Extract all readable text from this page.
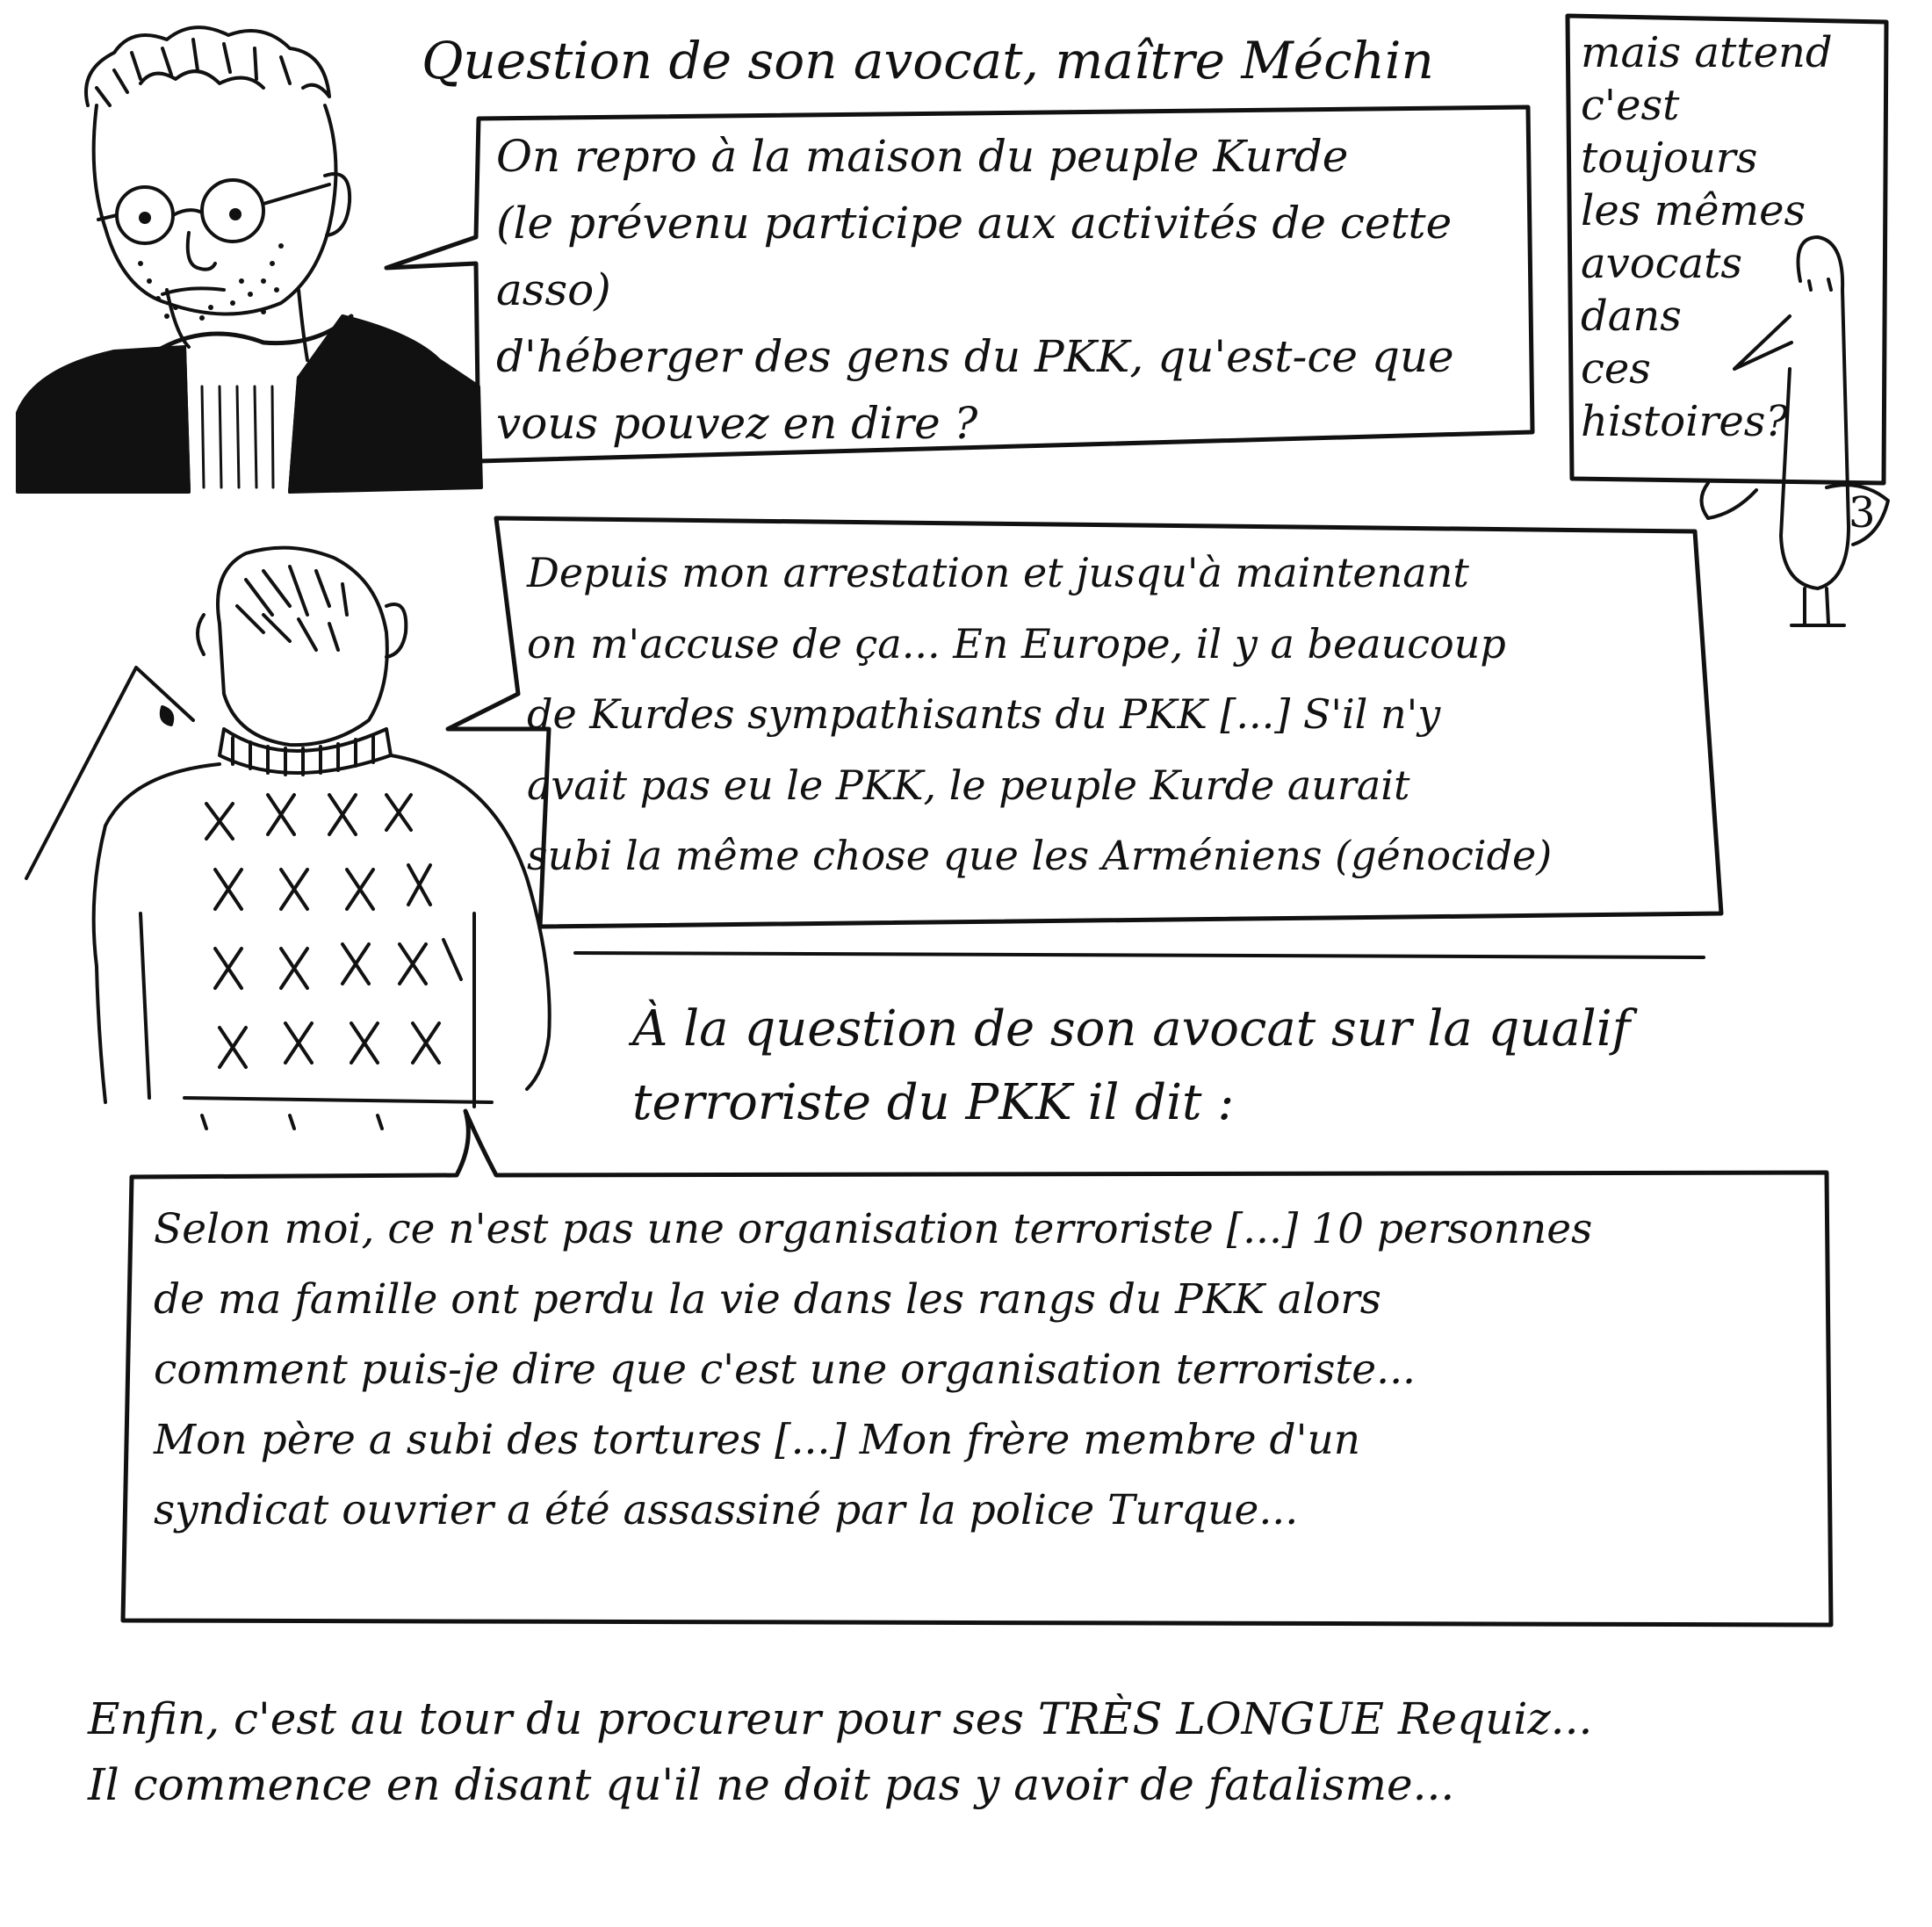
Question de son avocat, maître Méchin
On repro à la maison du peuple Kurde
(le prévenu participe aux activités de cette asso)
d'héberger des gens du PKK, qu'est-ce que
vous pouvez en dire ?
mais attend
c'est toujours
les mêmes
avocats
dans
ces
histoires?
3
Depuis mon arrestation et jusqu'à maintenant
on m'accuse de ça... En Europe, il y a beaucoup
de Kurdes sympathisants du PKK [...] S'il n'y
avait pas eu le PKK, le peuple Kurde aurait
subi la même chose que les Arméniens (génocide)
À la question de son avocat sur la qualif
terroriste du PKK il dit :
Selon moi, ce n'est pas une organisation terroriste [...] 10 personnes
de ma famille ont perdu la vie dans les rangs du PKK alors
comment puis-je dire que c'est une organisation terroriste...
Mon père a subi des tortures [...] Mon frère membre d'un
syndicat ouvrier a été assassiné par la police Turque...
Enfin, c'est au tour du procureur pour ses TRÈS LONGUE Requiz...
Il commence en disant qu'il ne doit pas y avoir de fatalisme...
